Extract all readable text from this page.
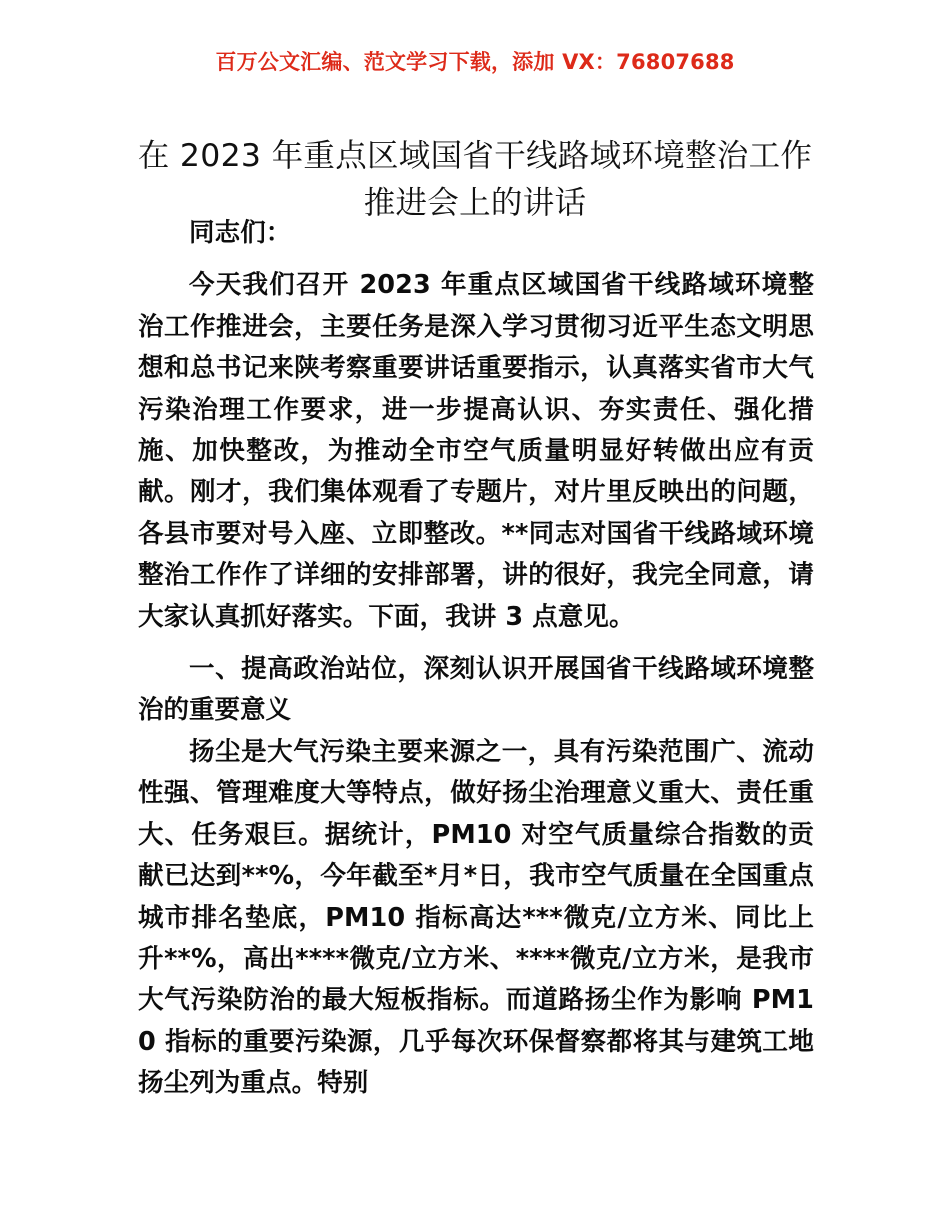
百万公文汇编、范文学习下载，添加 VX：76807688
在 2023 年重点区域国省干线路域环境整治工作推进会上的讲话

同志们：

今天我们召开 2023 年重点区域国省干线路域环境整治工作推进会，主要任务是深入学习贯彻习近平生态文明思想和总书记来陕考察重要讲话重要指示，认真落实省市大气污染治理工作要求，进一步提高认识、夯实责任、强化措施、加快整改，为推动全市空气质量明显好转做出应有贡献。刚才，我们集体观看了专题片，对片里反映出的问题，各县市要对号入座、立即整改。**同志对国省干线路域环境整治工作作了详细的安排部署，讲的很好，我完全同意，请大家认真抓好落实。下面，我讲 3 点意见。

一、提高政治站位，深刻认识开展国省干线路域环境整治的重要意义

扬尘是大气污染主要来源之一，具有污染范围广、流动性强、管理难度大等特点，做好扬尘治理意义重大、责任重大、任务艰巨。据统计，PM10 对空气质量综合指数的贡献已达到**%，今年截至*月*日，我市空气质量在全国重点城市排名垫底，PM10 指标高达***微克/立方米、同比上升**%，高出****微克/立方米、****微克/立方米，是我市大气污染防治的最大短板指标。而道路扬尘作为影响 PM10 指标的重要污染源，几乎每次环保督察都将其与建筑工地扬尘列为重点。特别
